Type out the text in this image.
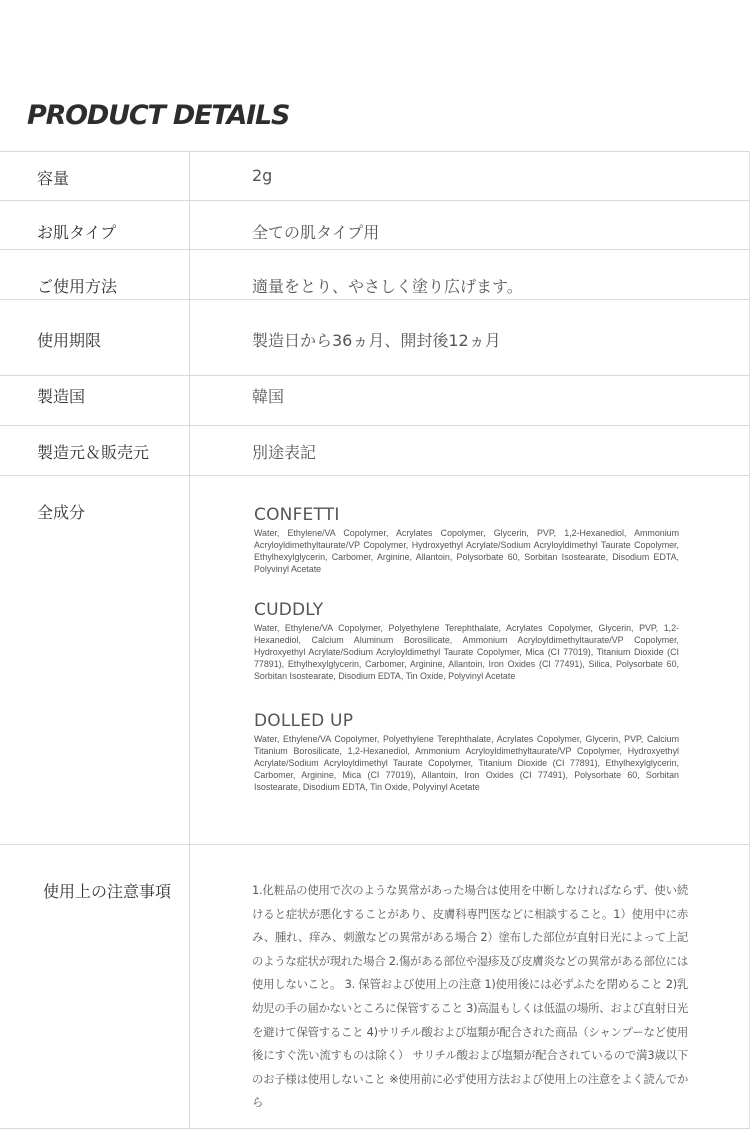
PRODUCT DETAILS
容量	2g
お肌タイプ	全ての肌タイプ用
ご使用方法	適量をとり、やさしく塗り広げます。
使用期限	製造日から36ヵ月、開封後12ヵ月
製造国	韓国
製造元＆販売元	別途表記
全成分	CONFETTI
Water, Ethylene/VA Copolymer, Acrylates Copolymer, Glycerin, PVP, 1,2-Hexanediol, Ammonium Acryloyldimethyltaurate/VP Copolymer, Hydroxyethyl Acrylate/Sodium Acryloyldimethyl Taurate Copolymer, Ethylhexylglycerin, Carbomer, Arginine, Allantoin, Polysorbate 60, Sorbitan Isostearate, Disodium EDTA, Polyvinyl Acetate
CUDDLY
Water, Ethylene/VA Copolymer, Polyethylene Terephthalate, Acrylates Copolymer, Glycerin, PVP, 1,2-Hexanediol, Calcium Aluminum Borosilicate, Ammonium Acryloyldimethyltaurate/VP Copolymer, Hydroxyethyl Acrylate/Sodium Acryloyldimethyl Taurate Copolymer, Mica (CI 77019), Titanium Dioxide (CI 77891), Ethylhexylglycerin, Carbomer, Arginine, Allantoin, Iron Oxides (CI 77491), Silica, Polysorbate 60, Sorbitan Isostearate, Disodium EDTA, Tin Oxide, Polyvinyl Acetate
DOLLED UP
Water, Ethylene/VA Copolymer, Polyethylene Terephthalate, Acrylates Copolymer, Glycerin, PVP, Calcium Titanium Borosilicate, 1,2-Hexanediol, Ammonium Acryloyldimethyltaurate/VP Copolymer, Hydroxyethyl Acrylate/Sodium Acryloyldimethyl Taurate Copolymer, Titanium Dioxide (CI 77891), Ethylhexylglycerin, Carbomer, Arginine, Mica (CI 77019), Allantoin, Iron Oxides (CI 77491), Polysorbate 60, Sorbitan Isostearate, Disodium EDTA, Tin Oxide, Polyvinyl Acetate
使用上の注意事項	1.化粧品の使用で次のような異常があった場合は使用を中断しなければならず、使い続けると症状が悪化することがあり、皮膚科専門医などに相談すること。1）使用中に赤み、腫れ、痒み、刺激などの異常がある場合 2）塗布した部位が直射日光によって上記のような症状が現れた場合 2.傷がある部位や湿疹及び皮膚炎などの異常がある部位には使用しないこと。 3. 保管および使用上の注意 1)使用後には必ずふたを閉めること 2)乳幼児の手の届かないところに保管すること 3)高温もしくは低温の場所、および直射日光を避けて保管すること 4)サリチル酸および塩類が配合された商品（シャンプーなど使用後にすぐ洗い流すものは除く） サリチル酸および塩類が配合されているので満3歳以下のお子様は使用しないこと ※使用前に必ず使用方法および使用上の注意をよく読んでから
